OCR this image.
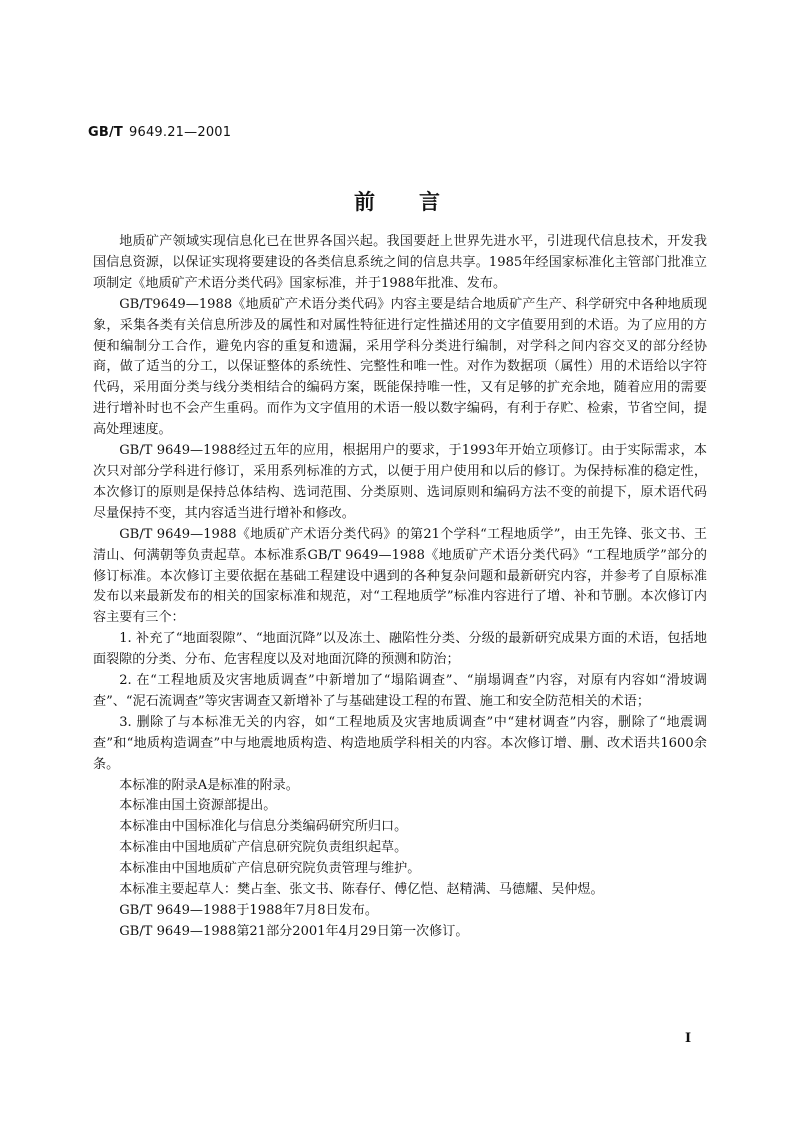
GB/T 9649.21—2001
前言

地质矿产领域实现信息化已在世界各国兴起。我国要赶上世界先进水平，引进现代信息技术，开发我国信息资源，以保证实现将要建设的各类信息系统之间的信息共享。1985年经国家标准化主管部门批准立项制定《地质矿产术语分类代码》国家标准，并于1988年批准、发布。

GB/T9649—1988《地质矿产术语分类代码》内容主要是结合地质矿产生产、科学研究中各种地质现象，采集各类有关信息所涉及的属性和对属性特征进行定性描述用的文字值要用到的术语。为了应用的方便和编制分工合作，避免内容的重复和遗漏，采用学科分类进行编制，对学科之间内容交叉的部分经协商，做了适当的分工，以保证整体的系统性、完整性和唯一性。对作为数据项（属性）用的术语给以字符代码，采用面分类与线分类相结合的编码方案，既能保持唯一性，又有足够的扩充余地，随着应用的需要进行增补时也不会产生重码。而作为文字值用的术语一般以数字编码，有利于存贮、检索，节省空间，提高处理速度。

GB/T 9649—1988经过五年的应用，根据用户的要求，于1993年开始立项修订。由于实际需求，本次只对部分学科进行修订，采用系列标准的方式，以便于用户使用和以后的修订。为保持标准的稳定性，本次修订的原则是保持总体结构、选词范围、分类原则、选词原则和编码方法不变的前提下，原术语代码尽量保持不变，其内容适当进行增补和修改。

GB/T 9649—1988《地质矿产术语分类代码》的第21个学科“工程地质学”，由王先锋、张文书、王清山、何满朝等负责起草。本标准系GB/T 9649—1988《地质矿产术语分类代码》“工程地质学”部分的修订标准。本次修订主要依据在基础工程建设中遇到的各种复杂问题和最新研究内容，并参考了自原标准发布以来最新发布的相关的国家标准和规范，对“工程地质学”标准内容进行了增、补和节删。本次修订内容主要有三个：

1. 补充了“地面裂隙”、“地面沉降”以及冻土、融陷性分类、分级的最新研究成果方面的术语，包括地面裂隙的分类、分布、危害程度以及对地面沉降的预测和防治；

2. 在“工程地质及灾害地质调查”中新增加了“塌陷调查”、“崩塌调查”内容，对原有内容如“滑坡调查”、“泥石流调查”等灾害调查又新增补了与基础建设工程的布置、施工和安全防范相关的术语；

3. 删除了与本标准无关的内容，如“工程地质及灾害地质调查”中“建材调查”内容，删除了“地震调查”和“地质构造调查”中与地震地质构造、构造地质学科相关的内容。本次修订增、删、改术语共1600余条。

本标准的附录A是标准的附录。

本标准由国土资源部提出。

本标准由中国标准化与信息分类编码研究所归口。

本标准由中国地质矿产信息研究院负责组织起草。

本标准由中国地质矿产信息研究院负责管理与维护。

本标准主要起草人：樊占奎、张文书、陈春仔、傅亿恺、赵精满、马德耀、吴仲煜。

GB/T 9649—1988于1988年7月8日发布。

GB/T 9649—1988第21部分2001年4月29日第一次修订。

Ⅰ
